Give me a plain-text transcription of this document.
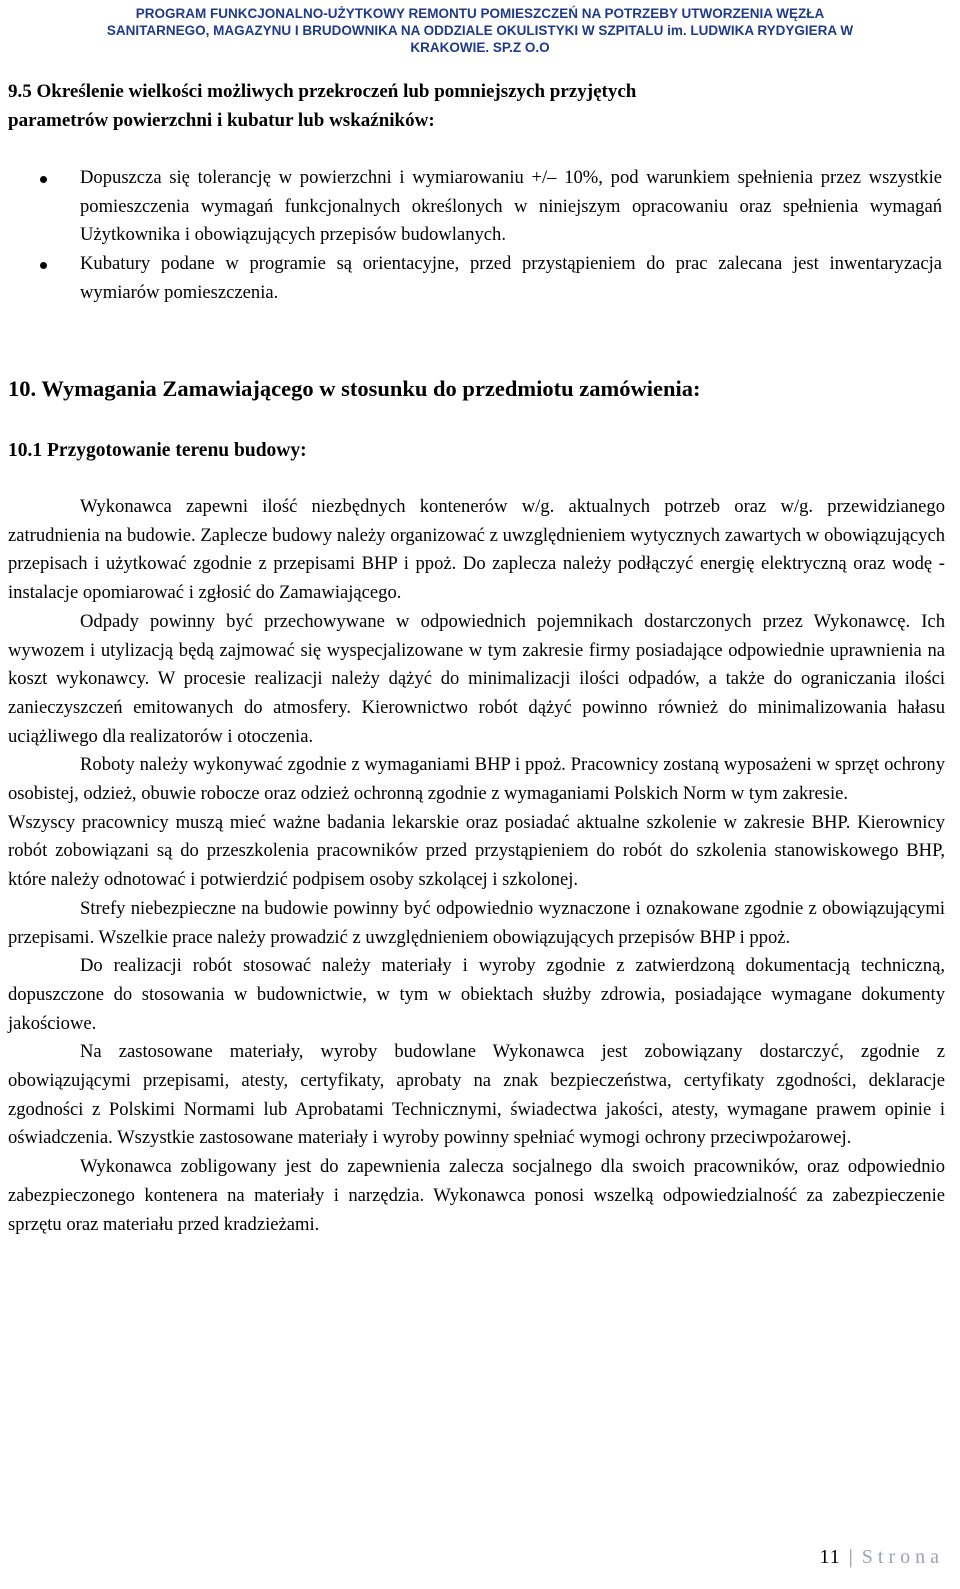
PROGRAM FUNKCJONALNO-UŻYTKOWY REMONTU POMIESZCZEŃ NA POTRZEBY UTWORZENIA WĘZŁA
SANITARNEGO, MAGAZYNU I BRUDOWNIKA NA ODDZIALE OKULISTYKI W SZPITALU im. LUDWIKA RYDYGIERA W
KRAKOWIE. SP.Z O.O
9.5 Określenie wielkości możliwych przekroczeń lub pomniejszych przyjętych
parametrów powierzchni i kubatur lub wskaźników:
Dopuszcza się tolerancję w powierzchni i wymiarowaniu +/– 10%, pod warunkiem spełnienia przez wszystkie pomieszczenia wymagań funkcjonalnych określonych w niniejszym opracowaniu oraz spełnienia wymagań Użytkownika i obowiązujących przepisów budowlanych.
Kubatury podane w programie są orientacyjne, przed przystąpieniem do prac zalecana jest inwentaryzacja wymiarów pomieszczenia.
10. Wymagania Zamawiającego w stosunku do przedmiotu zamówienia:
10.1 Przygotowanie terenu budowy:

Wykonawca zapewni ilość niezbędnych kontenerów w/g. aktualnych potrzeb oraz w/g. przewidzianego zatrudnienia na budowie. Zaplecze budowy należy organizować z uwzględnieniem wytycznych zawartych w obowiązujących przepisach i użytkować zgodnie z przepisami BHP i ppoż. Do zaplecza należy podłączyć energię elektryczną oraz wodę - instalacje opomiarować i zgłosić do Zamawiającego.

Odpady powinny być przechowywane w odpowiednich pojemnikach dostarczonych przez Wykonawcę. Ich wywozem i utylizacją będą zajmować się wyspecjalizowane w tym zakresie firmy posiadające odpowiednie uprawnienia na koszt wykonawcy. W procesie realizacji należy dążyć do minimalizacji ilości odpadów, a także do ograniczania ilości zanieczyszczeń emitowanych do atmosfery. Kierownictwo robót dążyć powinno również do minimalizowania hałasu uciążliwego dla realizatorów i otoczenia.

Roboty należy wykonywać zgodnie z wymaganiami BHP i ppoż. Pracownicy zostaną wyposażeni w sprzęt ochrony osobistej, odzież, obuwie robocze oraz odzież ochronną zgodnie z wymaganiami Polskich Norm w tym zakresie.

Wszyscy pracownicy muszą mieć ważne badania lekarskie oraz posiadać aktualne szkolenie w zakresie BHP. Kierownicy robót zobowiązani są do przeszkolenia pracowników przed przystąpieniem do robót do szkolenia stanowiskowego BHP, które należy odnotować i potwierdzić podpisem osoby szkolącej i szkolonej.

Strefy niebezpieczne na budowie powinny być odpowiednio wyznaczone i oznakowane zgodnie z obowiązującymi przepisami. Wszelkie prace należy prowadzić z uwzględnieniem obowiązujących przepisów BHP i ppoż.

Do realizacji robót stosować należy materiały i wyroby zgodnie z zatwierdzoną dokumentacją techniczną, dopuszczone do stosowania w budownictwie, w tym w obiektach służby zdrowia, posiadające wymagane dokumenty jakościowe.

Na zastosowane materiały, wyroby budowlane Wykonawca jest zobowiązany dostarczyć, zgodnie z obowiązującymi przepisami, atesty, certyfikaty, aprobaty na znak bezpieczeństwa, certyfikaty zgodności, deklaracje zgodności z Polskimi Normami lub Aprobatami Technicznymi, świadectwa jakości, atesty, wymagane prawem opinie i oświadczenia. Wszystkie zastosowane materiały i wyroby powinny spełniać wymogi ochrony przeciwpożarowej.

Wykonawca zobligowany jest do zapewnienia zalecza socjalnego dla swoich pracowników, oraz odpowiednio zabezpieczonego kontenera na materiały i narzędzia. Wykonawca ponosi wszelką odpowiedzialność za zabezpieczenie sprzętu oraz materiału przed kradzieżami.

11 | Strona
